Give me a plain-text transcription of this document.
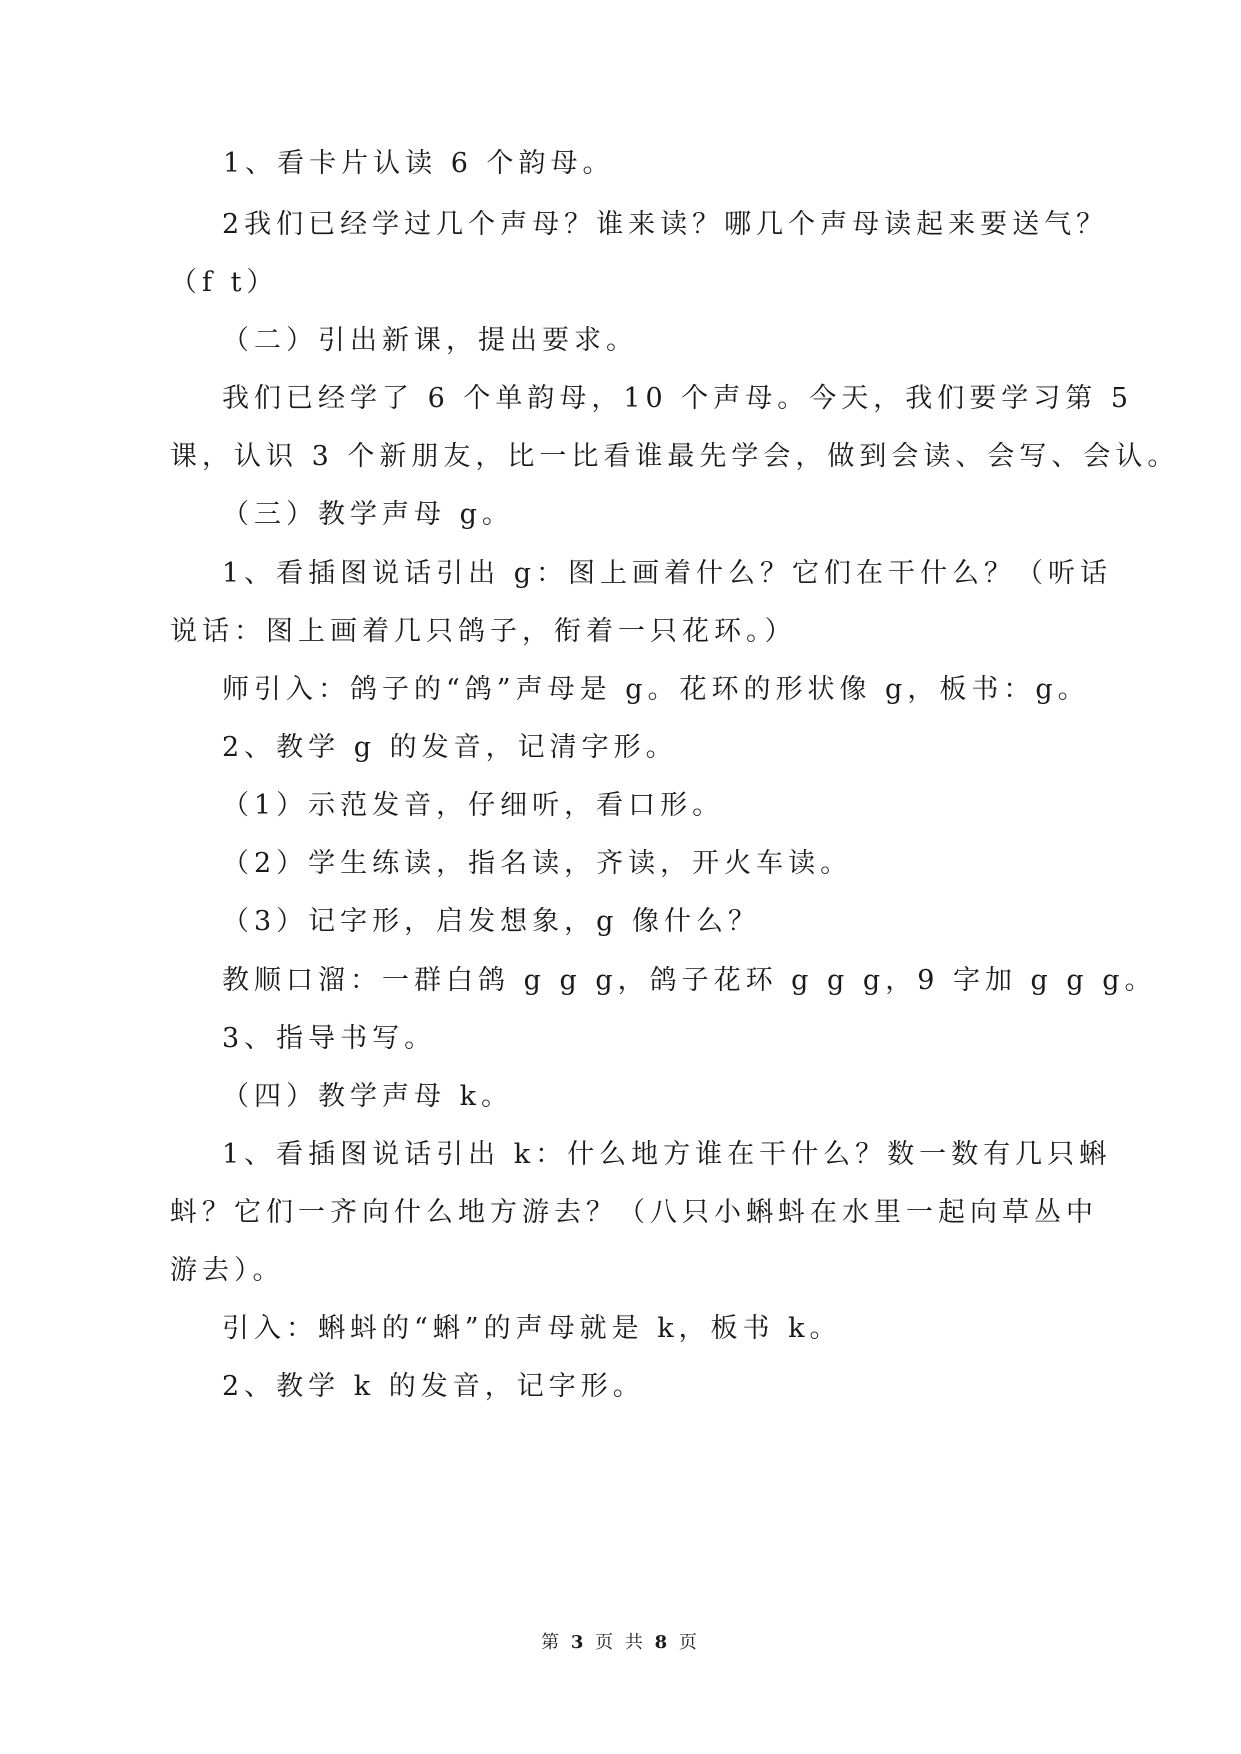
1、看卡片认读 6 个韵母。
2我们已经学过几个声母？谁来读？哪几个声母读起来要送气？
（f t）
（二）引出新课，提出要求。
我们已经学了 6 个单韵母，10 个声母。今天，我们要学习第 5
课，认识 3 个新朋友，比一比看谁最先学会，做到会读、会写、会认。
（三）教学声母 g。
1、看插图说话引出 g：图上画着什么？它们在干什么？（听话
说话：图上画着几只鸽子，衔着一只花环。）
师引入：鸽子的“鸽”声母是 g。花环的形状像 g，板书：g。
2、教学 g 的发音，记清字形。
（1）示范发音，仔细听，看口形。
（2）学生练读，指名读，齐读，开火车读。
（3）记字形，启发想象，g 像什么？
教顺口溜：一群白鸽 g g g，鸽子花环 g g g，9 字加 g g g。
3、指导书写。
（四）教学声母 k。
1、看插图说话引出 k：什么地方谁在干什么？数一数有几只蝌
蚪？它们一齐向什么地方游去？（八只小蝌蚪在水里一起向草丛中
游去）。
引入：蝌蚪的“蝌”的声母就是 k，板书 k。
2、教学 k 的发音，记字形。
第 3 页 共 8 页
